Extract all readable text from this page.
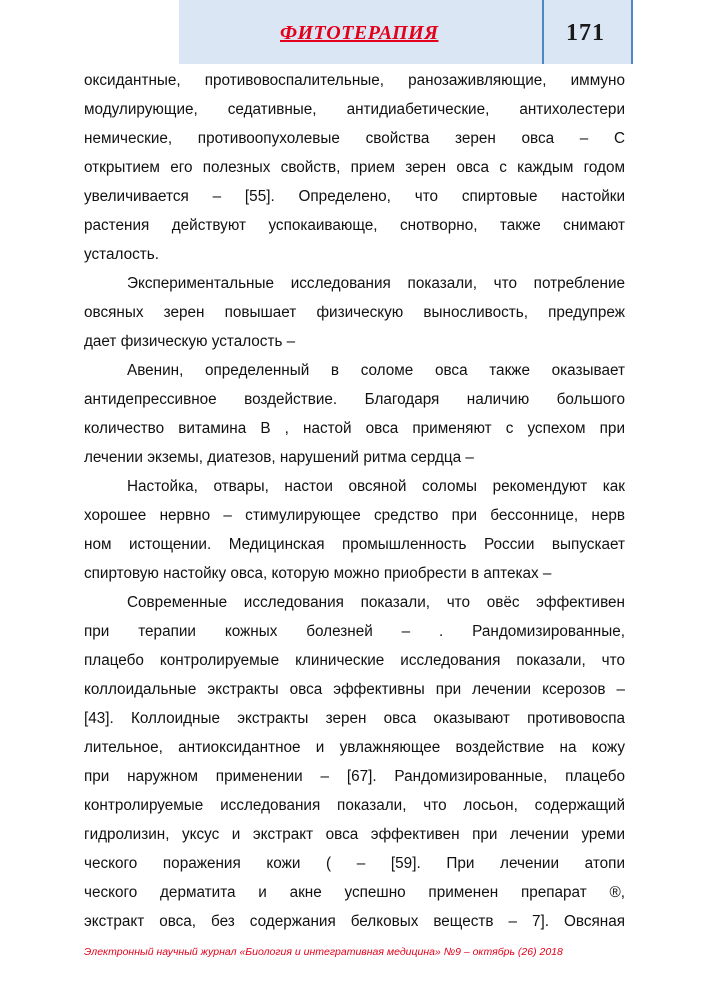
ФИТОТЕРАПИЯ	171
оксидантные, противовоспалительные, ранозаживляющие, иммуно
модулирующие, седативные, антидиабетические, антихолестери
немические, противоопухолевые свойства зерен овса – С
открытием его полезных свойств, прием зерен овса с каждым годом
увеличивается – [55]. Определено, что спиртовые настойки
растения действуют успокаивающе, снотворно, также снимают
усталость.
Экспериментальные исследования показали, что потребление
овсяных зерен повышает физическую выносливость, предупреж
дает физическую усталость –
Авенин, определенный в соломе овса также оказывает
антидепрессивное воздействие. Благодаря наличию большого
количество витамина В , настой овса применяют с успехом при
лечении экземы, диатезов, нарушений ритма сердца –
Настойка, отвары, настои овсяной соломы рекомендуют как
хорошее нервно – стимулирующее средство при бессоннице, нерв
ном истощении. Медицинская промышленность России выпускает
спиртовую настойку овса, которую можно приобрести в аптеках –
Современные исследования показали, что овёс эффективен
при терапии кожных болезней – . Рандомизированные,
плацебо контролируемые клинические исследования показали, что
коллоидальные экстракты овса эффективны при лечении ксерозов –
[43]. Коллоидные экстракты зерен овса оказывают противовоспа
лительное, антиоксидантное и увлажняющее воздействие на кожу
при наружном применении – [67]. Рандомизированные, плацебо
контролируемые исследования показали, что лосьон, содержащий
гидролизин, уксус и экстракт овса эффективен при лечении уреми
ческого поражения кожи ( – [59]. При лечении атопи
ческого дерматита и акне успешно применен препарат ®,
экстракт овса, без содержания белковых веществ – 7]. Овсяная
Электронный научный журнал «Биология и интегративная медицина» №9 – октябрь (26) 2018
